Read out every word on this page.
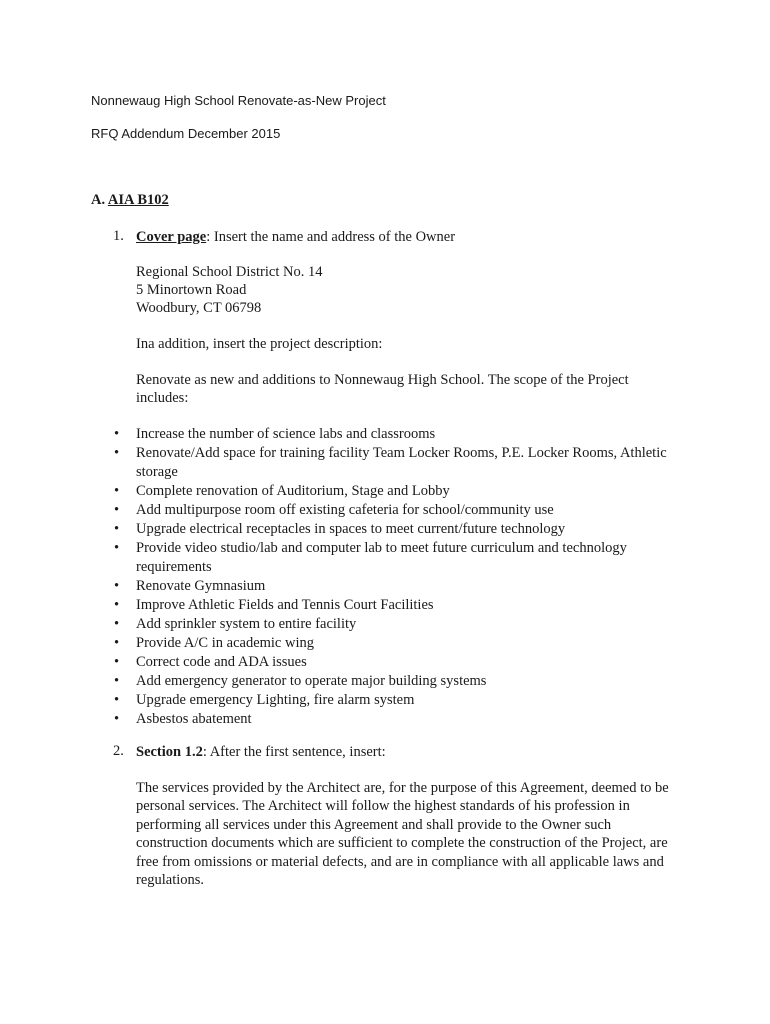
Nonnewaug High School Renovate-as-New Project

RFQ Addendum December 2015

A. AIA B102

1. Cover page: Insert the name and address of the Owner

Regional School District No. 14
5 Minortown Road
Woodbury, CT 06798

Ina addition, insert the project description:

Renovate as new and additions to Nonnewaug High School. The scope of the Project includes:

• Increase the number of science labs and classrooms
• Renovate/Add space for training facility Team Locker Rooms, P.E. Locker Rooms, Athletic storage
• Complete renovation of Auditorium, Stage and Lobby
• Add multipurpose room off existing cafeteria for school/community use
• Upgrade electrical receptacles in spaces to meet current/future technology
• Provide video studio/lab and computer lab to meet future curriculum and technology requirements
• Renovate Gymnasium
• Improve Athletic Fields and Tennis Court Facilities
• Add sprinkler system to entire facility
• Provide A/C in academic wing
• Correct code and ADA issues
• Add emergency generator to operate major building systems
• Upgrade emergency Lighting, fire alarm system
• Asbestos abatement

2. Section 1.2: After the first sentence, insert:

The services provided by the Architect are, for the purpose of this Agreement, deemed to be personal services. The Architect will follow the highest standards of his profession in performing all services under this Agreement and shall provide to the Owner such construction documents which are sufficient to complete the construction of the Project, are free from omissions or material defects, and are in compliance with all applicable laws and regulations.
